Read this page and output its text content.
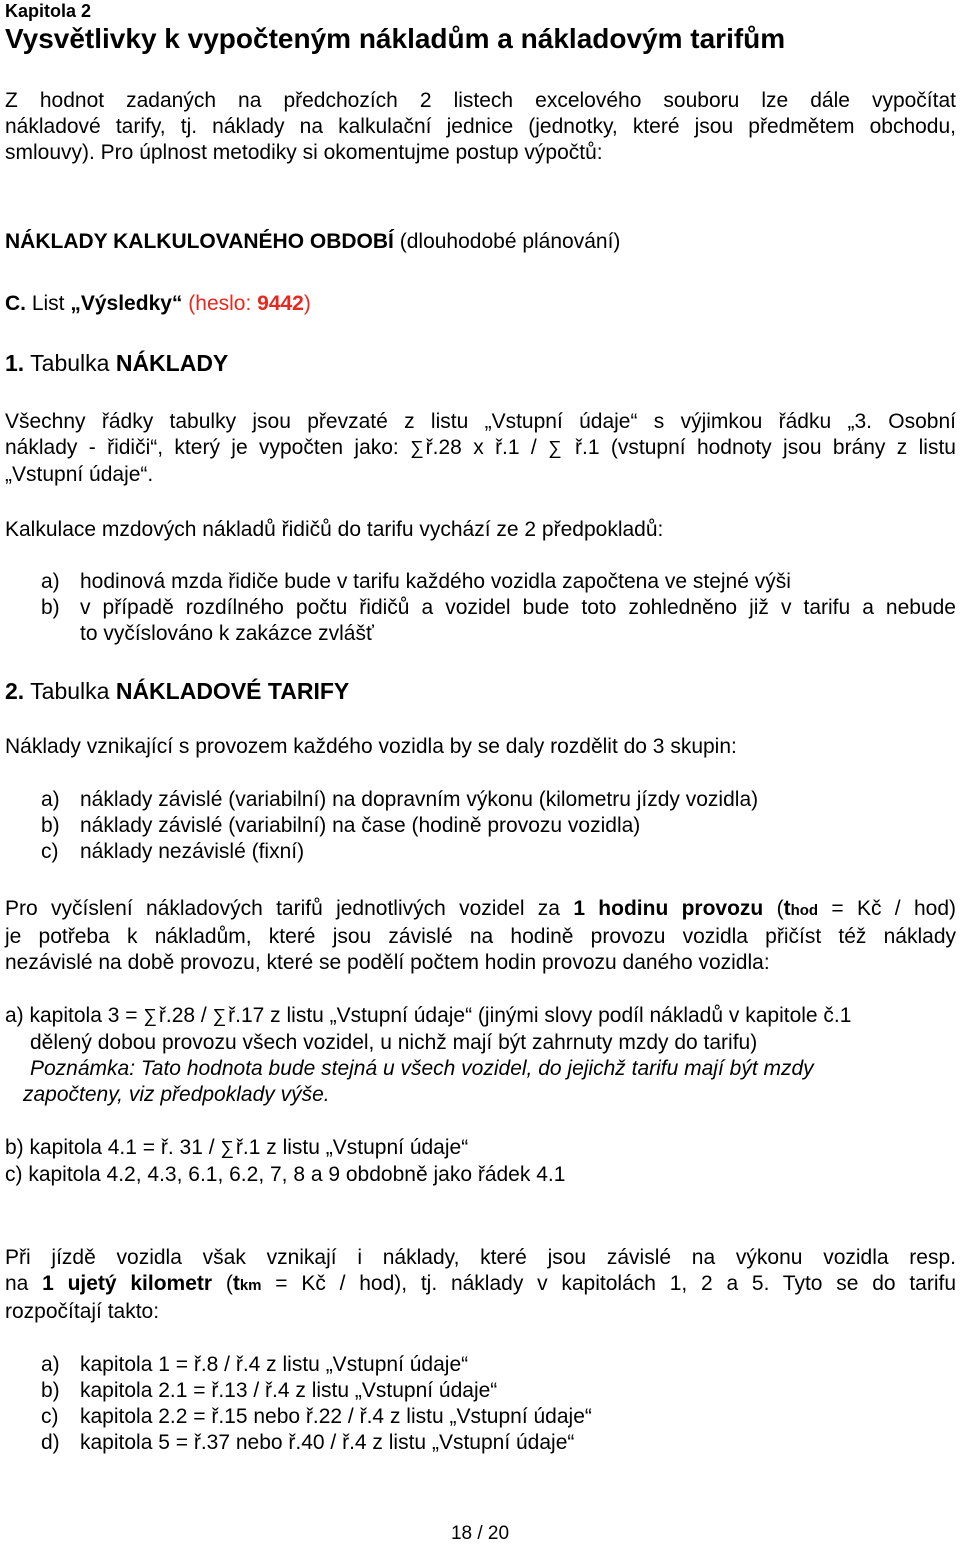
Kapitola 2
Vysvětlivky k vypočteným nákladům a nákladovým tarifům
Z hodnot zadaných na předchozích 2 listech excelového souboru lze dále vypočítat
nákladové tarify, tj. náklady na kalkulační jednice (jednotky, které jsou předmětem obchodu,
smlouvy). Pro úplnost metodiky si okomentujme postup výpočtů:
NÁKLADY KALKULOVANÉHO OBDOBÍ (dlouhodobé plánování)
C. List „Výsledky“ (heslo: 9442)
1. Tabulka NÁKLADY
Všechny řádky tabulky jsou převzaté z listu „Vstupní údaje“ s výjimkou řádku „3. Osobní
náklady - řidiči“, který je vypočten jako: ∑ř.28 x ř.1 / ∑ ř.1 (vstupní hodnoty jsou brány z listu
„Vstupní údaje“.
Kalkulace mzdových nákladů řidičů do tarifu vychází ze 2 předpokladů:
a) hodinová mzda řidiče bude v tarifu každého vozidla započtena ve stejné výši
b) v případě rozdílného počtu řidičů a vozidel bude toto zohledněno již v tarifu a nebude
to vyčíslováno k zakázce zvlášť
2. Tabulka NÁKLADOVÉ TARIFY
Náklady vznikající s provozem každého vozidla by se daly rozdělit do 3 skupin:
a) náklady závislé (variabilní) na dopravním výkonu (kilometru jízdy vozidla)
b) náklady závislé (variabilní) na čase (hodině provozu vozidla)
c) náklady nezávislé (fixní)
Pro vyčíslení nákladových tarifů jednotlivých vozidel za 1 hodinu provozu (thod = Kč / hod)
je potřeba k nákladům, které jsou závislé na hodině provozu vozidla přičíst též náklady
nezávislé na době provozu, které se podělí počtem hodin provozu daného vozidla:
a) kapitola 3 = ∑ř.28 / ∑ř.17 z listu „Vstupní údaje“ (jinými slovy podíl nákladů v kapitole č.1
dělený dobou provozu všech vozidel, u nichž mají být zahrnuty mzdy do tarifu)
Poznámka: Tato hodnota bude stejná u všech vozidel, do jejichž tarifu mají být mzdy
započteny, viz předpoklady výše.
b) kapitola 4.1 = ř. 31 / ∑ř.1 z listu „Vstupní údaje“
c) kapitola 4.2, 4.3, 6.1, 6.2, 7, 8 a 9 obdobně jako řádek 4.1
Při jízdě vozidla však vznikají i náklady, které jsou závislé na výkonu vozidla resp.
na 1 ujetý kilometr (tkm = Kč / hod), tj. náklady v kapitolách 1, 2 a 5. Tyto se do tarifu
rozpočítají takto:
a) kapitola 1 = ř.8 / ř.4 z listu „Vstupní údaje“
b) kapitola 2.1 = ř.13 / ř.4 z listu „Vstupní údaje“
c) kapitola 2.2 = ř.15 nebo ř.22 / ř.4 z listu „Vstupní údaje“
d) kapitola 5 = ř.37 nebo ř.40 / ř.4 z listu „Vstupní údaje“
18 / 20
